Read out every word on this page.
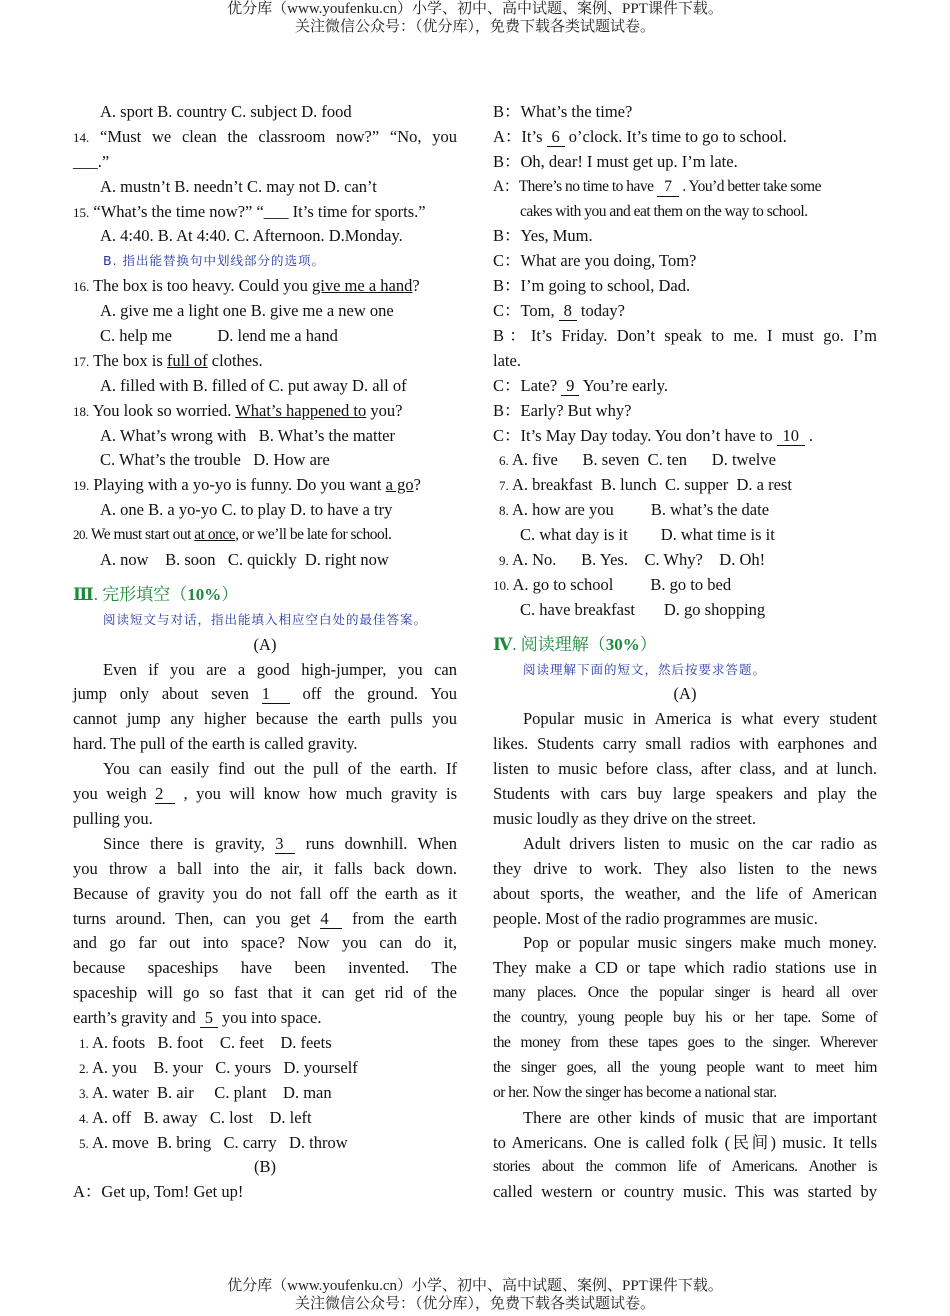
优分库（www.youfenku.cn）小学、初中、高中试题、案例、PPT课件下载。
关注微信公众号：（优分库），免费下载各类试题试卷。
A. sport B. country C. subject D. food
14. “Must we clean the classroom now?” “No, you
___.”
A. mustn’t B. needn’t C. may not D. can’t
15. “What’s the time now?” “___ It’s time for sports.”
A. 4:40. B. At 4:40. C. Afternoon. D.Monday.
B. 指出能替换句中划线部分的选项。
16. The box is too heavy. Could you give me a hand?
A. give me a light one B. give me a new one
C. help me           D. lend me a hand
17. The box is full of clothes.
A. filled with B. filled of C. put away D. all of
18. You look so worried. What’s happened to you?
A. What’s wrong with   B. What’s the matter
C. What’s the trouble   D. How are
19. Playing with a yo-yo is funny. Do you want a go?
A. one B. a yo-yo C. to play D. to have a try
20. We must start out at once, or we’ll be late for school.
A. now    B. soon   C. quickly  D. right now
Ⅲ. 完形填空（10%）
阅读短文与对话，指出能填入相应空白处的最佳答案。
(A)
Even if you are a good high-jumper, you can
jump only about seven 1 off the ground. You
cannot jump any higher because the earth pulls you
hard. The pull of the earth is called gravity.
You can easily find out the pull of the earth. If
you weigh 2 , you will know how much gravity is
pulling you.
Since there is gravity, 3 runs downhill. When
you throw a ball into the air, it falls back down.
Because of gravity you do not fall off the earth as it
turns around. Then, can you get 4 from the earth
and go far out into space? Now you can do it,
because spaceships have been invented. The
spaceship will go so fast that it can get rid of the
earth’s gravity and 5 you into space.
1. A. foots   B. foot    C. feet    D. feets
2. A. you    B. your   C. yours   D. yourself
3. A. water  B. air     C. plant    D. man
4. A. off   B. away   C. lost    D. left
5. A. move  B. bring   C. carry   D. throw
(B)
A：Get up, Tom! Get up!
B：What’s the time?
A：It’s 6 o’clock. It’s time to go to school.
B：Oh, dear! I must get up. I’m late.
A：There’s no time to have 7 . You’d better take some
cakes with you and eat them on the way to school.
B：Yes, Mum.
C：What are you doing, Tom?
B：I’m going to school, Dad.
C：Tom, 8 today?
B：It’s Friday. Don’t speak to me. I must go. I’m
late.
C：Late? 9 You’re early.
B：Early? But why?
C：It’s May Day today. You don’t have to 10 .
6. A. five      B. seven  C. ten      D. twelve
7. A. breakfast  B. lunch  C. supper  D. a rest
8. A. how are you         B. what’s the date
C. what day is it        D. what time is it
9. A. No.      B. Yes.    C. Why?    D. Oh!
10. A. go to school         B. go to bed
C. have breakfast       D. go shopping
Ⅳ. 阅读理解（30%）
阅读理解下面的短文，然后按要求答题。
(A)
Popular music in America is what every student
likes. Students carry small radios with earphones and
listen to music before class, after class, and at lunch.
Students with cars buy large speakers and play the
music loudly as they drive on the street.
Adult drivers listen to music on the car radio as
they drive to work. They also listen to the news
about sports, the weather, and the life of American
people. Most of the radio programmes are music.
Pop or popular music singers make much money.
They make a CD or tape which radio stations use in
many places. Once the popular singer is heard all over
the country, young people buy his or her tape. Some of
the money from these tapes goes to the singer. Wherever
the singer goes, all the young people want to meet him
or her. Now the singer has become a national star.
There are other kinds of music that are important
to Americans. One is called folk (民间) music. It tells
stories about the common life of Americans. Another is
called western or country music. This was started by
优分库（www.youfenku.cn）小学、初中、高中试题、案例、PPT课件下载。
关注微信公众号：（优分库），免费下载各类试题试卷。
